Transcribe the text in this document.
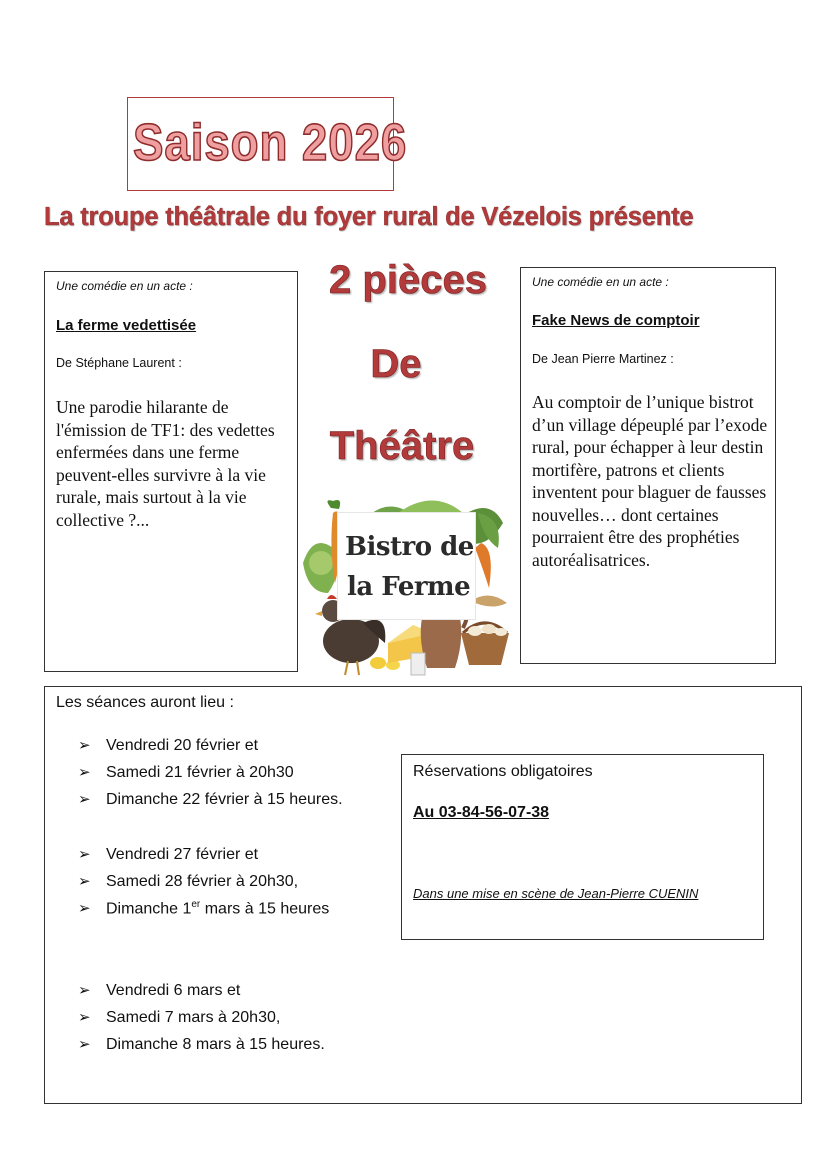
Saison 2026
La troupe théâtrale du foyer rural de Vézelois présente
Une comédie en un acte :
La ferme vedettisée
De Stéphane Laurent :
Une parodie hilarante de l'émission de TF1: des vedettes enfermées dans une ferme peuvent-elles survivre à la vie rurale, mais surtout à la vie collective ?...
Une comédie en un acte :
Fake News de comptoir
De Jean Pierre Martinez :
Au comptoir de l’unique bistrot d’un village dépeuplé par l’exode rural, pour échapper à leur destin mortifère, patrons et clients inventent pour blaguer de fausses nouvelles… dont certaines pourraient être des prophéties autoréalisatrices.
2 pièces
De
Théâtre
Bistro de
la Ferme
Les séances auront lieu :
➢ Vendredi 20 février et
➢ Samedi 21 février à 20h30
➢ Dimanche 22 février à 15 heures.
➢ Vendredi 27 février et
➢ Samedi 28 février à 20h30,
➢ Dimanche 1er mars à 15 heures
➢ Vendredi 6 mars et
➢ Samedi 7 mars à 20h30,
➢ Dimanche 8 mars à 15 heures.
Réservations obligatoires
Au 03-84-56-07-38
Dans une mise en scène de Jean-Pierre CUENIN
